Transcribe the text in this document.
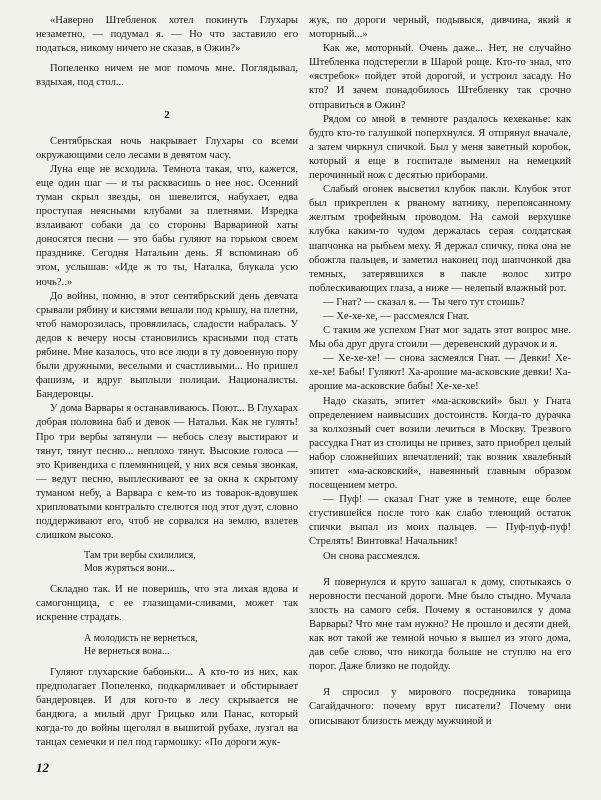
«Наверно Штебленок хотел покинуть Глухары незаметно, — подумал я. — Но что заставило его податься, никому ничего не сказав, в Ожин?»

Попеленко ничем не мог помочь мне. Поглядывал, вздыхая, под стол...

2

Сентябрьская ночь накрывает Глухары со всеми окружающими село лесами в девятом часу.

Луна еще не всходила. Темнота такая, что, кажется, еще один шаг — и ты расквасишь о нее нос. Осенний туман скрыл звезды, он шевелится, набухает, едва проступая неясными клубами за плетнями. Изредка взлаивают собаки да со стороны Варвариной хаты доносятся песни — это бабы гуляют на горьком своем празднике. Сегодня Натальин день. Я вспоминаю об этом, услышав: «Иде ж то ты, Наталка, блукала усю ночь?..»

До войны, помню, в этот сентябрьский день девчата срывали рябину и кистями вешали под крышу, на плетни, чтоб наморозилась, провялилась, сладости набралась. У дедов к вечеру носы становились красными под стать рябине. Мне казалось, что все люди в ту довоенную пору были дружными, веселыми и счастливыми... Но пришел фашизм, и вдруг выплыли полицаи. Националисты. Бандеровцы.

У дома Варвары я останавливаюсь. Поют... В Глухарах добрая половина баб и девок — Натальи. Как не гулять! Про три вербы затянули — небось слезу выстирают и тянут, тянут песню... неплохо тянут. Высокие голоса — это Кривендиха с племянницей, у них вся семья звонкая, — ведут песню, выплескивают ее за окна к скрытому туманом небу, а Варвара с кем-то из товарок-вдовушек хрипловатыми контральто стелются под этот дуэт, словно поддерживают его, чтоб не сорвался на землю, взлетев слишком высоко.

Там три вербы схилилися,
Мов журяться вони...

Складно так. И не поверишь, что эта лихая вдова и самогонщица, с ее глазищами-сливами, может так искренне страдать.

А молодисть не вернеться,
Не вернеться вона...

Гуляют глухарские бабоньки... А кто-то из них, как предполагает Попеленко, подкармливает и обстирывает бандеровцев. И для кого-то в лесу скрывается не бандюга, а милый друг Грицько или Панас, который когда-то до войны щеголял в вышитой рубахе, лузгал на танцах семечки и пел под гармошку: «По дороги жук-

жук, по дороги черный, подывыся, дивчина, який я моторный...»

Как же, моторный. Очень даже... Нет, не случайно Штебленка подстерегли в Шарой роще. Кто-то знал, что «ястребок» пойдет этой дорогой, и устроил засаду. Но кто? И зачем понадобилось Штебленку так срочно отправиться в Ожин?

Рядом со мной в темноте раздалось кехеканье: как будто кто-то галушкой поперхнулся. Я отпрянул вначале, а затем чиркнул спичкой. Был у меня заветный коробок, который я еще в госпитале выменял на немецкий перочинный нож с десятью приборами.

Слабый огонек высветил клубок пакли. Клубок этот был прикреплен к рваному ватнику, перепоясанному желтым трофейным проводом. На самой верхушке клубка каким-то чудом держалась серая солдатская шапчонка на рыбьем меху. Я держал спичку, пока она не обожгла пальцев, и заметил наконец под шапчонкой два темных, затерявшихся в пакле волос хитро поблескивающих глаза, а ниже — нелепый влажный рот.

— Гнат? — сказал я. — Ты чего тут стоишь?

— Хе-хе-хе, — рассмеялся Гнат.

С таким же успехом Гнат мог задать этот вопрос мне. Мы оба друг друга стоили — деревенский дурачок и я.

— Хе-хе-хе! — снова засмеялся Гнат. — Девки! Хе-хе-хе! Бабы! Гуляют! Ха-арошие ма-асковские девки! Ха-арошие ма-асковские бабы! Хе-хе-хе!

Надо сказать, эпитет «ма-асковский» был у Гната определением наивысших достоинств. Когда-то дурачка за колхозный счет возили лечиться в Москву. Трезвого рассудка Гнат из столицы не привез, зато приобрел целый набор сложнейших впечатлений; так возник хвалебный эпитет «ма-асковский», навеянный главным образом посещением метро.

— Пуф! — сказал Гнат уже в темноте, еще более сгустившейся после того как слабо тлеющий остаток спички выпал из моих пальцев. — Пуф-пуф-пуф! Стрелять! Винтовка! Начальник!

Он снова рассмеялся.

Я повернулся и круто зашагал к дому, спотыкаясь о неровности песчаной дороги. Мне было стыдно. Мучала злость на самого себя. Почему я остановился у дома Варвары? Что мне там нужно? Не прошло и десяти дней, как вот такой же темной ночью я вышел из этого дома, дав себе слово, что никогда больше не ступлю на его порог. Даже близко не подойду.

Я спросил у мирового посредника товарища Сагайдачного: почему врут писатели? Почему они описывают близость между мужчиной и

12
